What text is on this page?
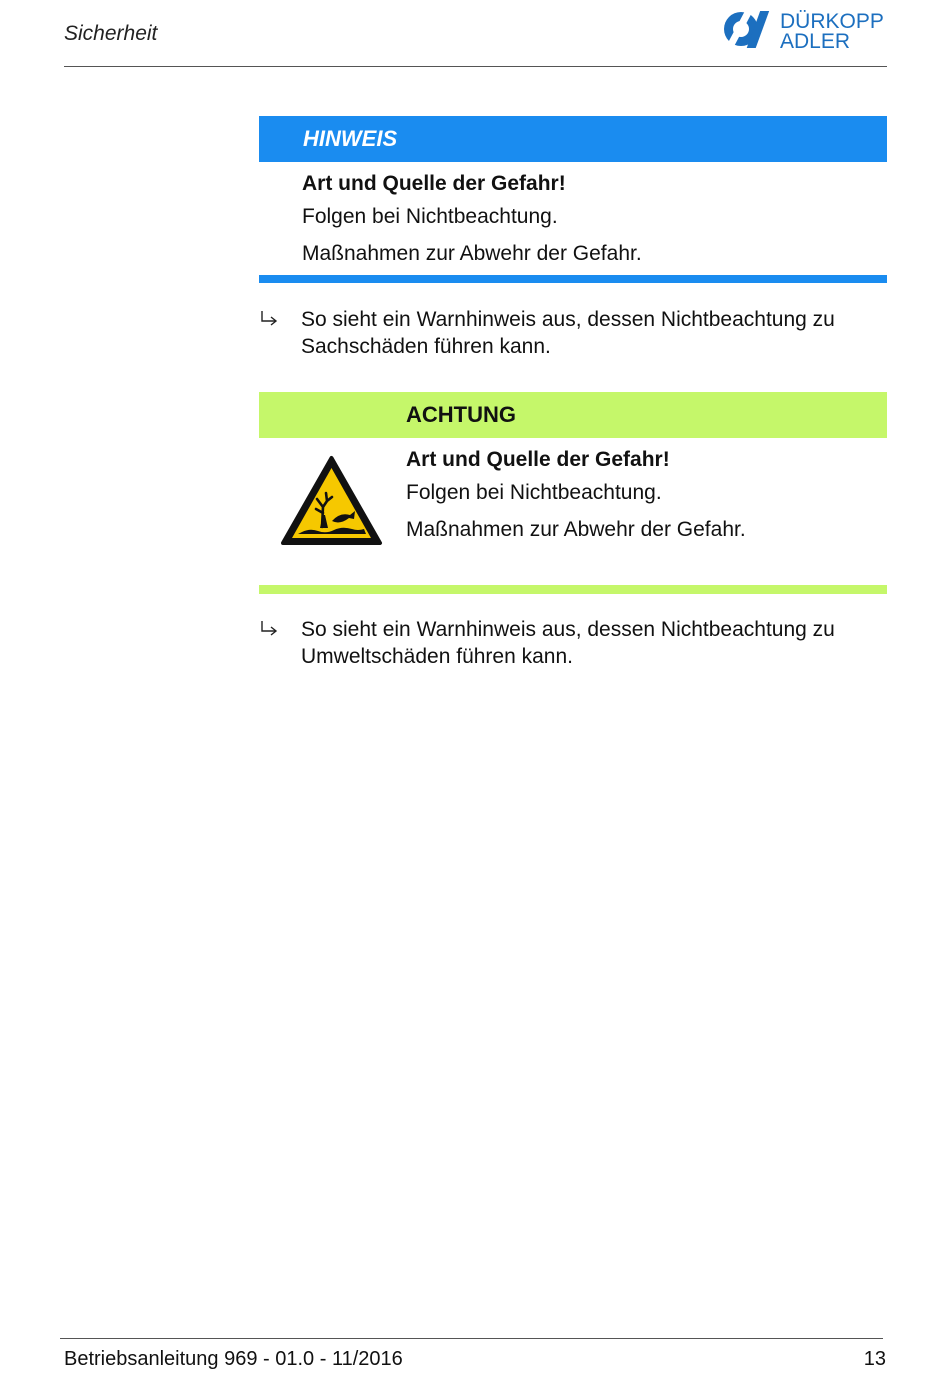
Sicherheit
DÜRKOPP
ADLER
HINWEIS
Art und Quelle der Gefahr!
Folgen bei Nichtbeachtung.
Maßnahmen zur Abwehr der Gefahr.
So sieht ein Warnhinweis aus, dessen Nichtbeachtung zu
Sachschäden führen kann.
ACHTUNG
Art und Quelle der Gefahr!
Folgen bei Nichtbeachtung.
Maßnahmen zur Abwehr der Gefahr.
So sieht ein Warnhinweis aus, dessen Nichtbeachtung zu
Umweltschäden führen kann.
Betriebsanleitung 969 - 01.0 - 11/2016	13
